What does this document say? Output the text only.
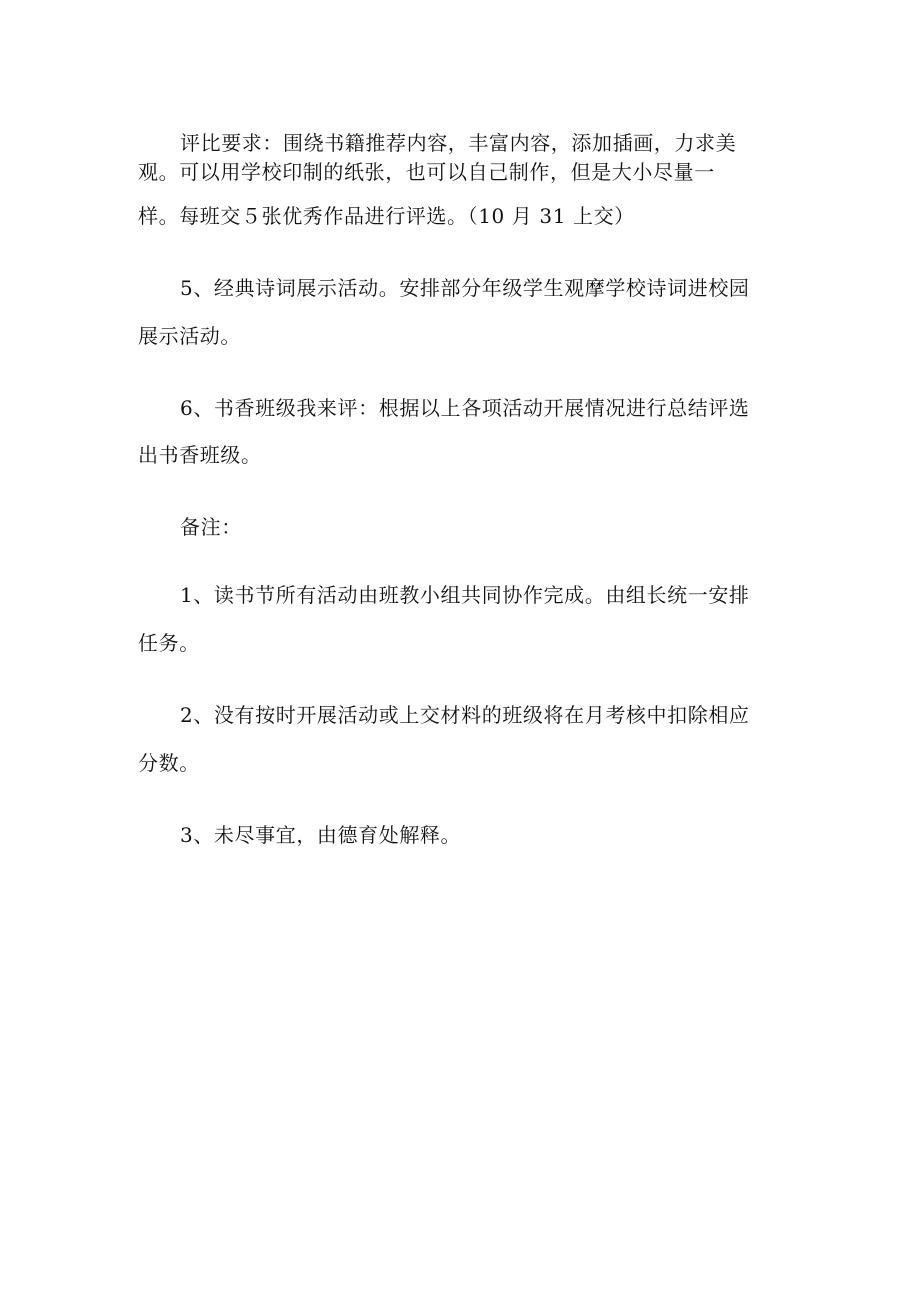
评比要求：围绕书籍推荐内容，丰富内容，添加插画，力求美
观。可以用学校印制的纸张，也可以自己制作，但是大小尽量一
样。每班交５张优秀作品进行评选。（10 月 31 上交）
5、经典诗词展示活动。安排部分年级学生观摩学校诗词进校园
展示活动。
6、书香班级我来评：根据以上各项活动开展情况进行总结评选
出书香班级。
备注：
1、读书节所有活动由班教小组共同协作完成。由组长统一安排
任务。
2、没有按时开展活动或上交材料的班级将在月考核中扣除相应
分数。
3、未尽事宜，由德育处解释。
